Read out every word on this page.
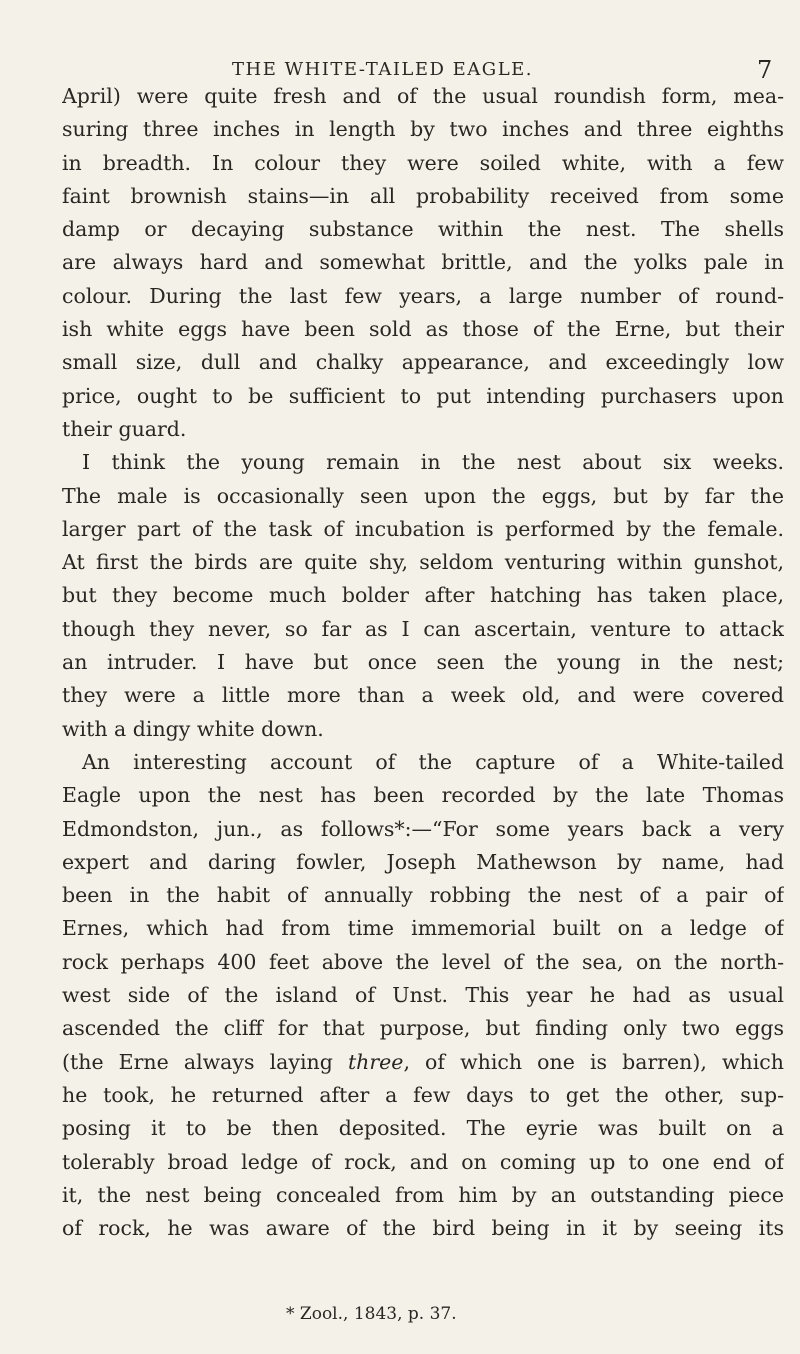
THE WHITE-TAILED EAGLE.	7
April) were quite fresh and of the usual roundish form, mea-
suring three inches in length by two inches and three eighths
in breadth. In colour they were soiled white, with a few
faint brownish stains—in all probability received from some
damp or decaying substance within the nest. The shells
are always hard and somewhat brittle, and the yolks pale in
colour. During the last few years, a large number of round-
ish white eggs have been sold as those of the Erne, but their
small size, dull and chalky appearance, and exceedingly low
price, ought to be sufficient to put intending purchasers upon
their guard.
I think the young remain in the nest about six weeks.
The male is occasionally seen upon the eggs, but by far the
larger part of the task of incubation is performed by the female.
At first the birds are quite shy, seldom venturing within gunshot,
but they become much bolder after hatching has taken place,
though they never, so far as I can ascertain, venture to attack
an intruder. I have but once seen the young in the nest;
they were a little more than a week old, and were covered
with a dingy white down.
An interesting account of the capture of a White-tailed
Eagle upon the nest has been recorded by the late Thomas
Edmondston, jun., as follows*:—“For some years back a very
expert and daring fowler, Joseph Mathewson by name, had
been in the habit of annually robbing the nest of a pair of
Ernes, which had from time immemorial built on a ledge of
rock perhaps 400 feet above the level of the sea, on the north-
west side of the island of Unst. This year he had as usual
ascended the cliff for that purpose, but finding only two eggs
(the Erne always laying three, of which one is barren), which
he took, he returned after a few days to get the other, sup-
posing it to be then deposited. The eyrie was built on a
tolerably broad ledge of rock, and on coming up to one end of
it, the nest being concealed from him by an outstanding piece
of rock, he was aware of the bird being in it by seeing its
* Zool., 1843, p. 37.
